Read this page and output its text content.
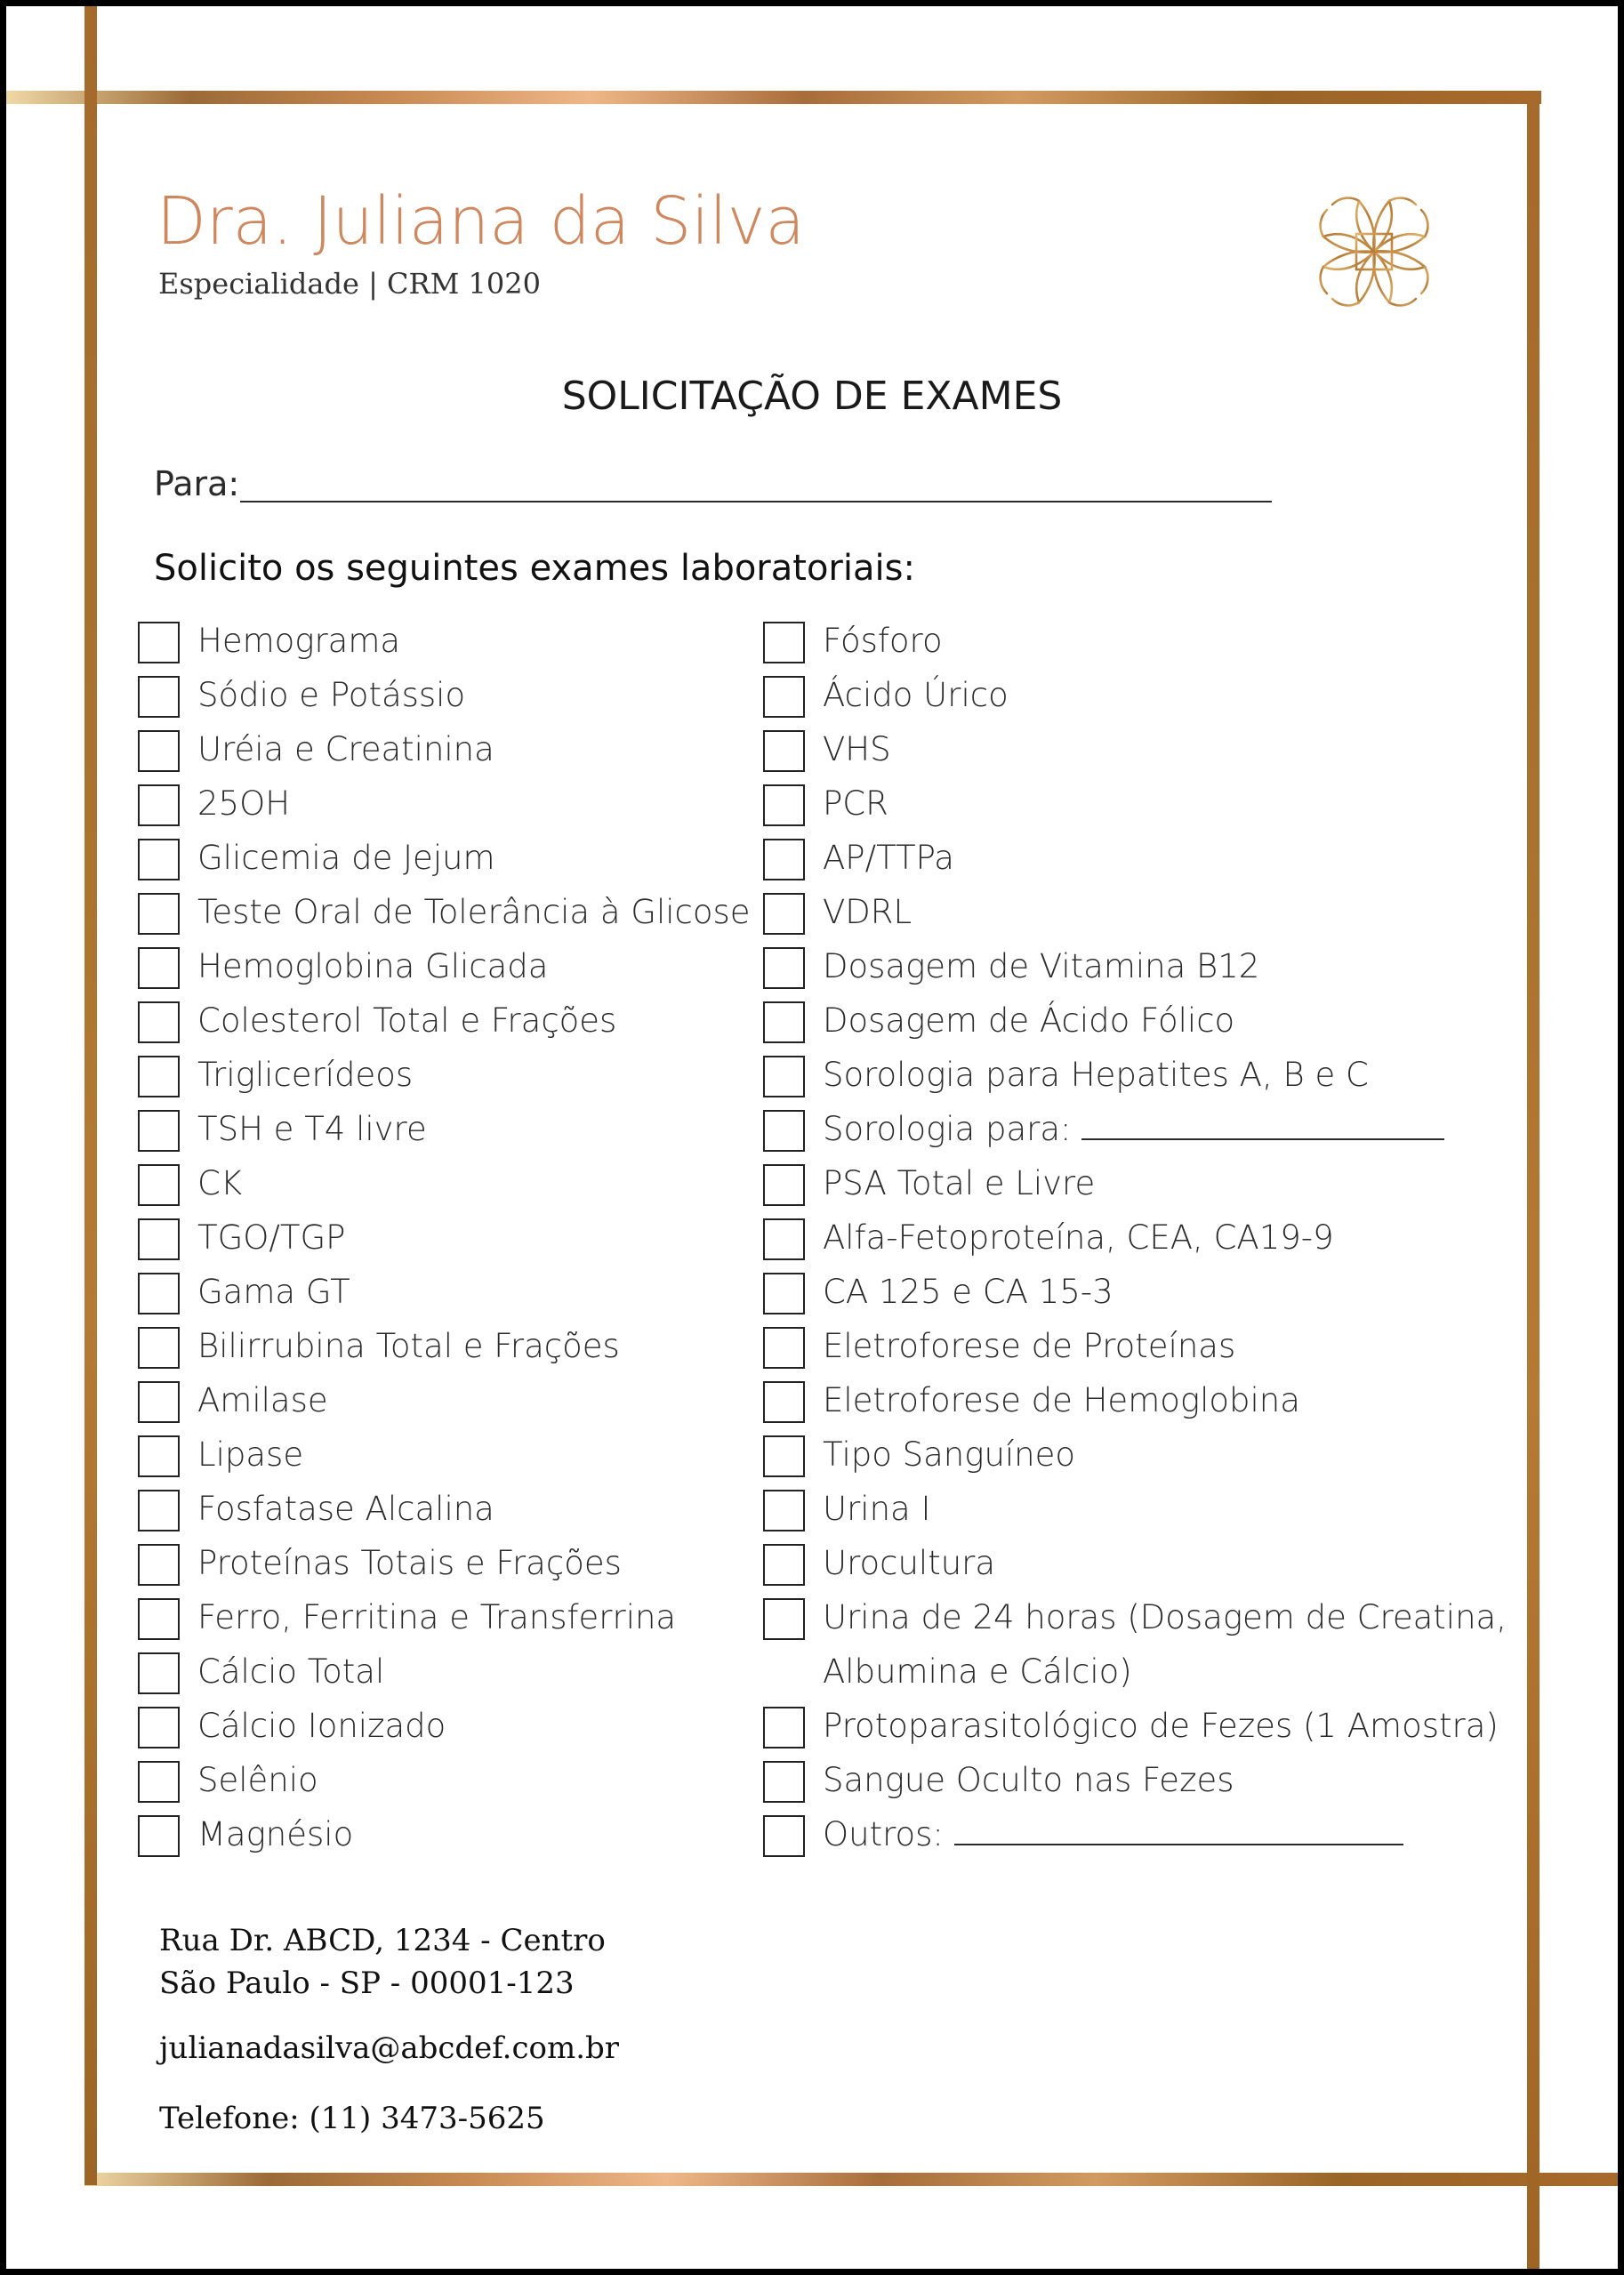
Dra. Juliana da Silva
Especialidade | CRM 1020
SOLICITAÇÃO DE EXAMES
Para:
Solicito os seguintes exames laboratoriais:
Hemograma
Sódio e Potássio
Uréia e Creatinina
25OH
Glicemia de Jejum
Teste Oral de Tolerância à Glicose
Hemoglobina Glicada
Colesterol Total e Frações
Triglicerídeos
TSH e T4 livre
CK
TGO/TGP
Gama GT
Bilirrubina Total e Frações
Amilase
Lipase
Fosfatase Alcalina
Proteínas Totais e Frações
Ferro, Ferritina e Transferrina
Cálcio Total
Cálcio Ionizado
Selênio
Magnésio
Fósforo
Ácido Úrico
VHS
PCR
AP/TTPa
VDRL
Dosagem de Vitamina B12
Dosagem de Ácido Fólico
Sorologia para Hepatites A, B e C
Sorologia para:
PSA Total e Livre
Alfa-Fetoproteína, CEA, CA19-9
CA 125 e CA 15-3
Eletroforese de Proteínas
Eletroforese de Hemoglobina
Tipo Sanguíneo
Urina I
Urocultura
Urina de 24 horas (Dosagem de Creatina, Albumina e Cálcio)
Protoparasitológico de Fezes (1 Amostra)
Sangue Oculto nas Fezes
Outros:
Rua Dr. ABCD, 1234 - Centro
São Paulo - SP - 00001-123
julianadasilva@abcdef.com.br
Telefone: (11) 3473-5625
